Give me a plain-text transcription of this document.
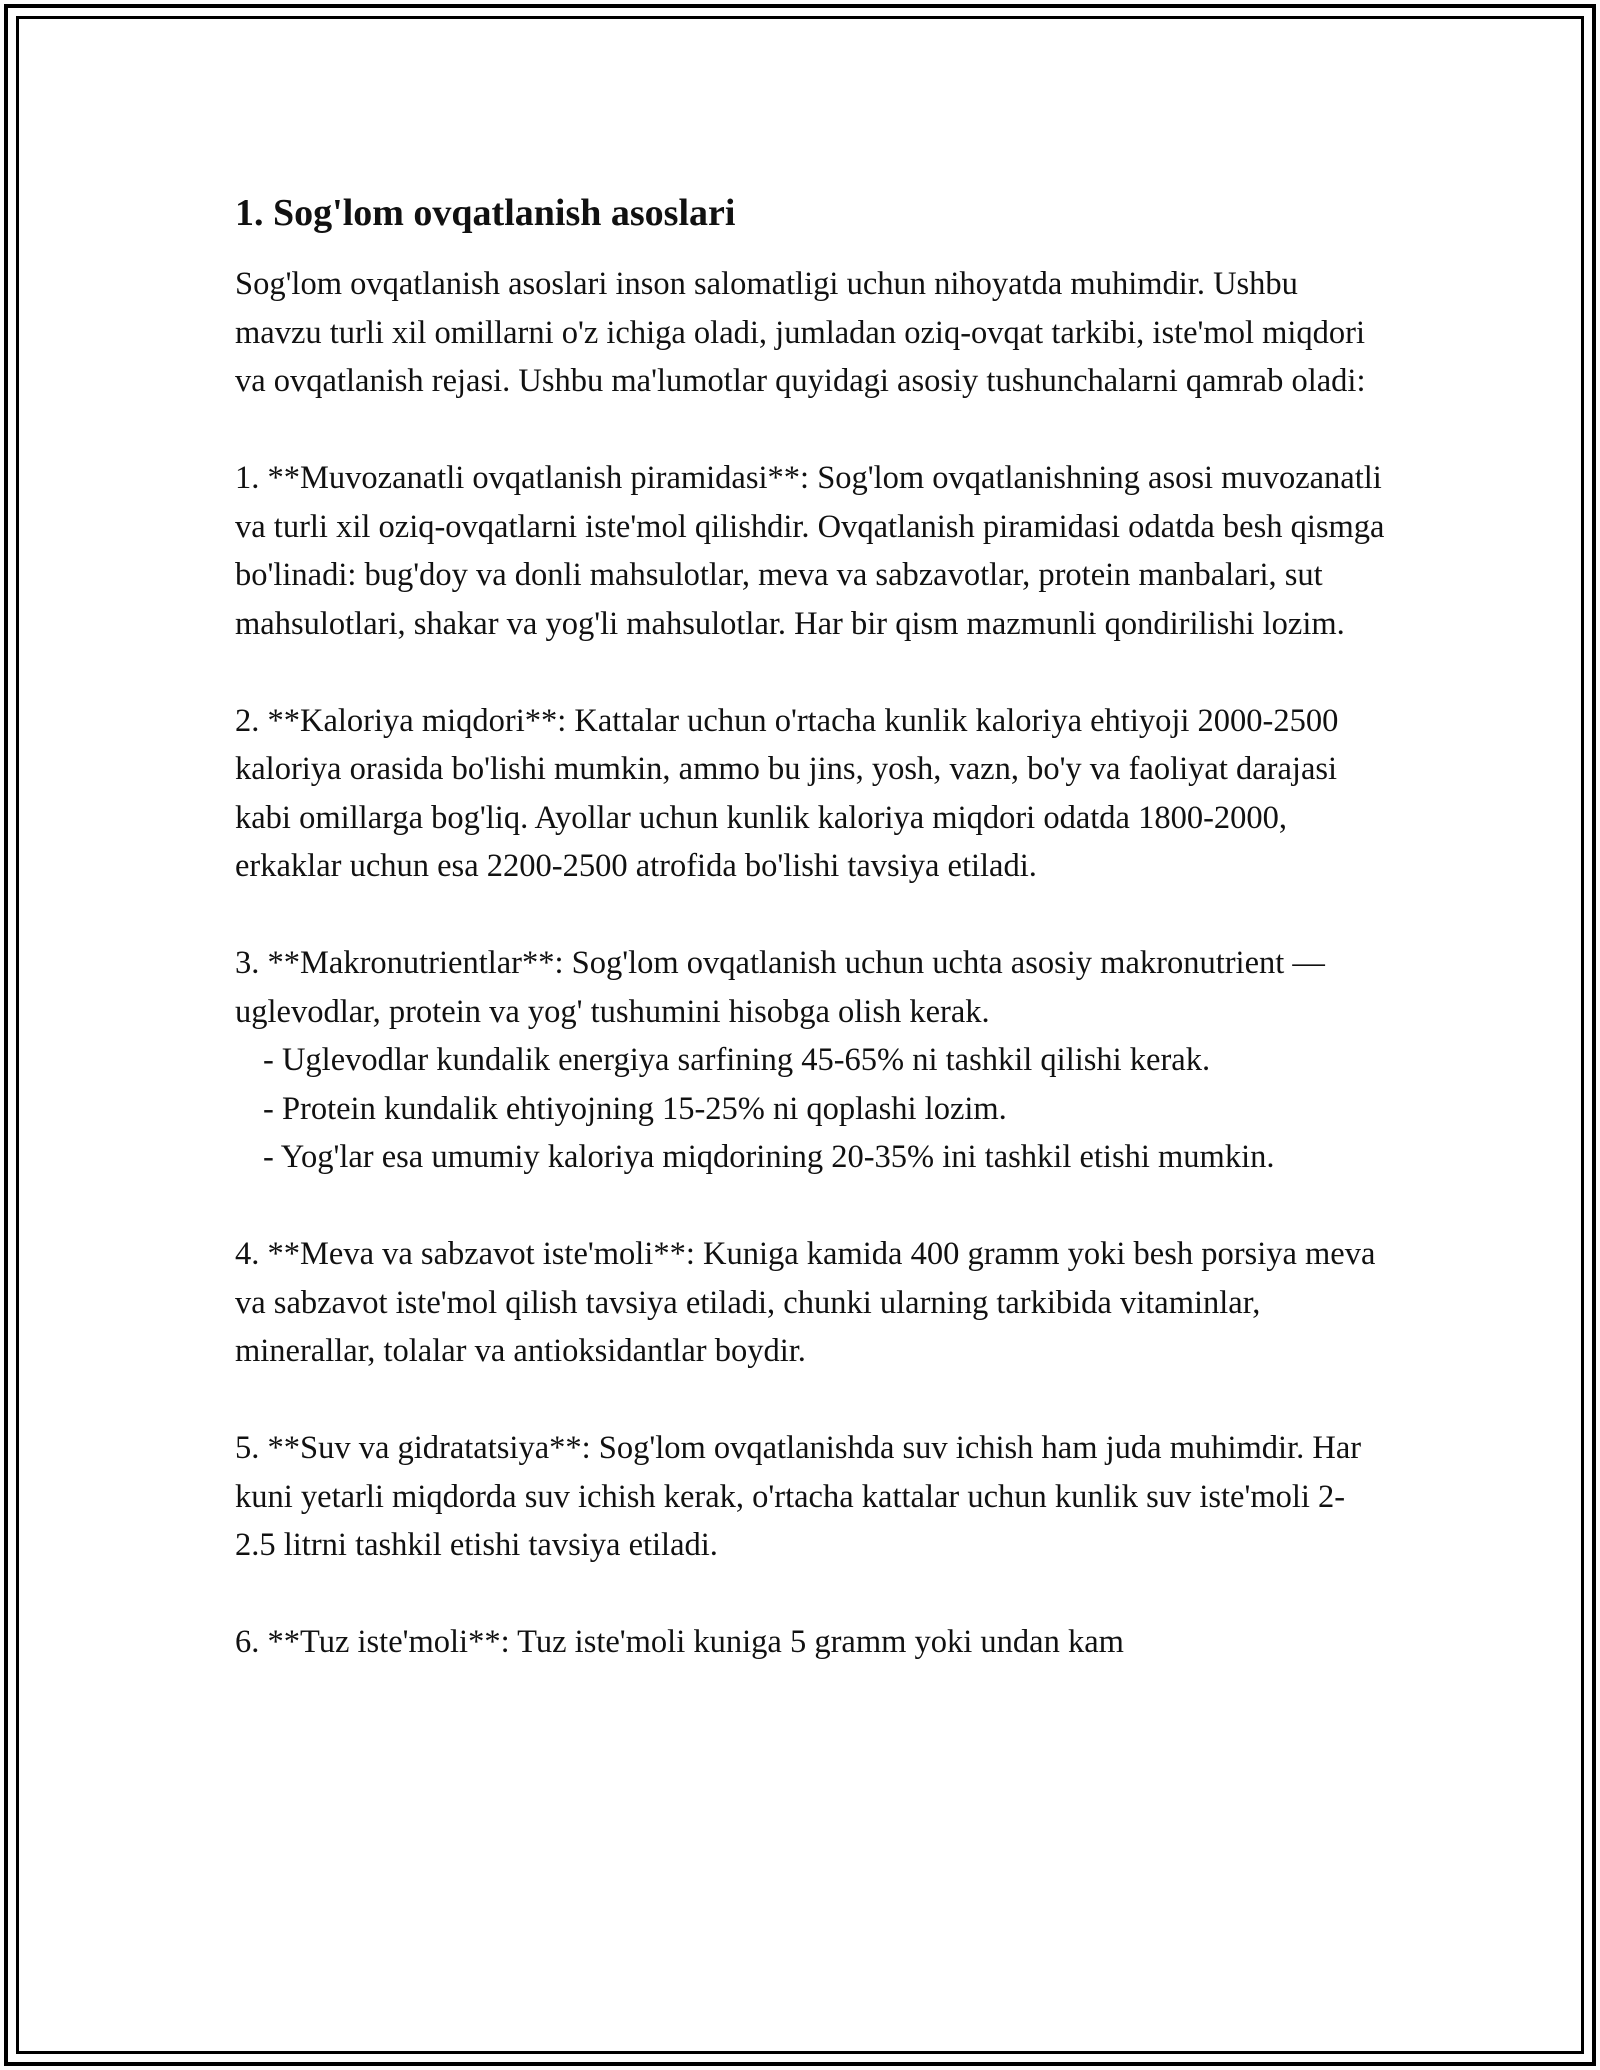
1. Sog'lom ovqatlanish asoslari

Sog'lom ovqatlanish asoslari inson salomatligi uchun nihoyatda muhimdir. Ushbu mavzu turli xil omillarni o'z ichiga oladi, jumladan oziq-ovqat tarkibi, iste'mol miqdori va ovqatlanish rejasi. Ushbu ma'lumotlar quyidagi asosiy tushunchalarni qamrab oladi:

1. **Muvozanatli ovqatlanish piramidasi**: Sog'lom ovqatlanishning asosi muvozanatli va turli xil oziq-ovqatlarni iste'mol qilishdir. Ovqatlanish piramidasi odatda besh qismga bo'linadi: bug'doy va donli mahsulotlar, meva va sabzavotlar, protein manbalari, sut mahsulotlari, shakar va yog'li mahsulotlar. Har bir qism mazmunli qondirilishi lozim.

2. **Kaloriya miqdori**: Kattalar uchun o'rtacha kunlik kaloriya ehtiyoji 2000-2500 kaloriya orasida bo'lishi mumkin, ammo bu jins, yosh, vazn, bo'y va faoliyat darajasi kabi omillarga bog'liq. Ayollar uchun kunlik kaloriya miqdori odatda 1800-2000, erkaklar uchun esa 2200-2500 atrofida bo'lishi tavsiya etiladi.

3. **Makronutrientlar**: Sog'lom ovqatlanish uchun uchta asosiy makronutrient — uglevodlar, protein va yog' tushumini hisobga olish kerak.

- Uglevodlar kundalik energiya sarfining 45-65% ni tashkil qilishi kerak.

- Protein kundalik ehtiyojning 15-25% ni qoplashi lozim.

- Yog'lar esa umumiy kaloriya miqdorining 20-35% ini tashkil etishi mumkin.

4. **Meva va sabzavot iste'moli**: Kuniga kamida 400 gramm yoki besh porsiya meva va sabzavot iste'mol qilish tavsiya etiladi, chunki ularning tarkibida vitaminlar, minerallar, tolalar va antioksidantlar boydir.

5. **Suv va gidratatsiya**: Sog'lom ovqatlanishda suv ichish ham juda muhimdir. Har kuni yetarli miqdorda suv ichish kerak, o'rtacha kattalar uchun kunlik suv iste'moli 2-2.5 litrni tashkil etishi tavsiya etiladi.

6. **Tuz iste'moli**: Tuz iste'moli kuniga 5 gramm yoki undan kam
